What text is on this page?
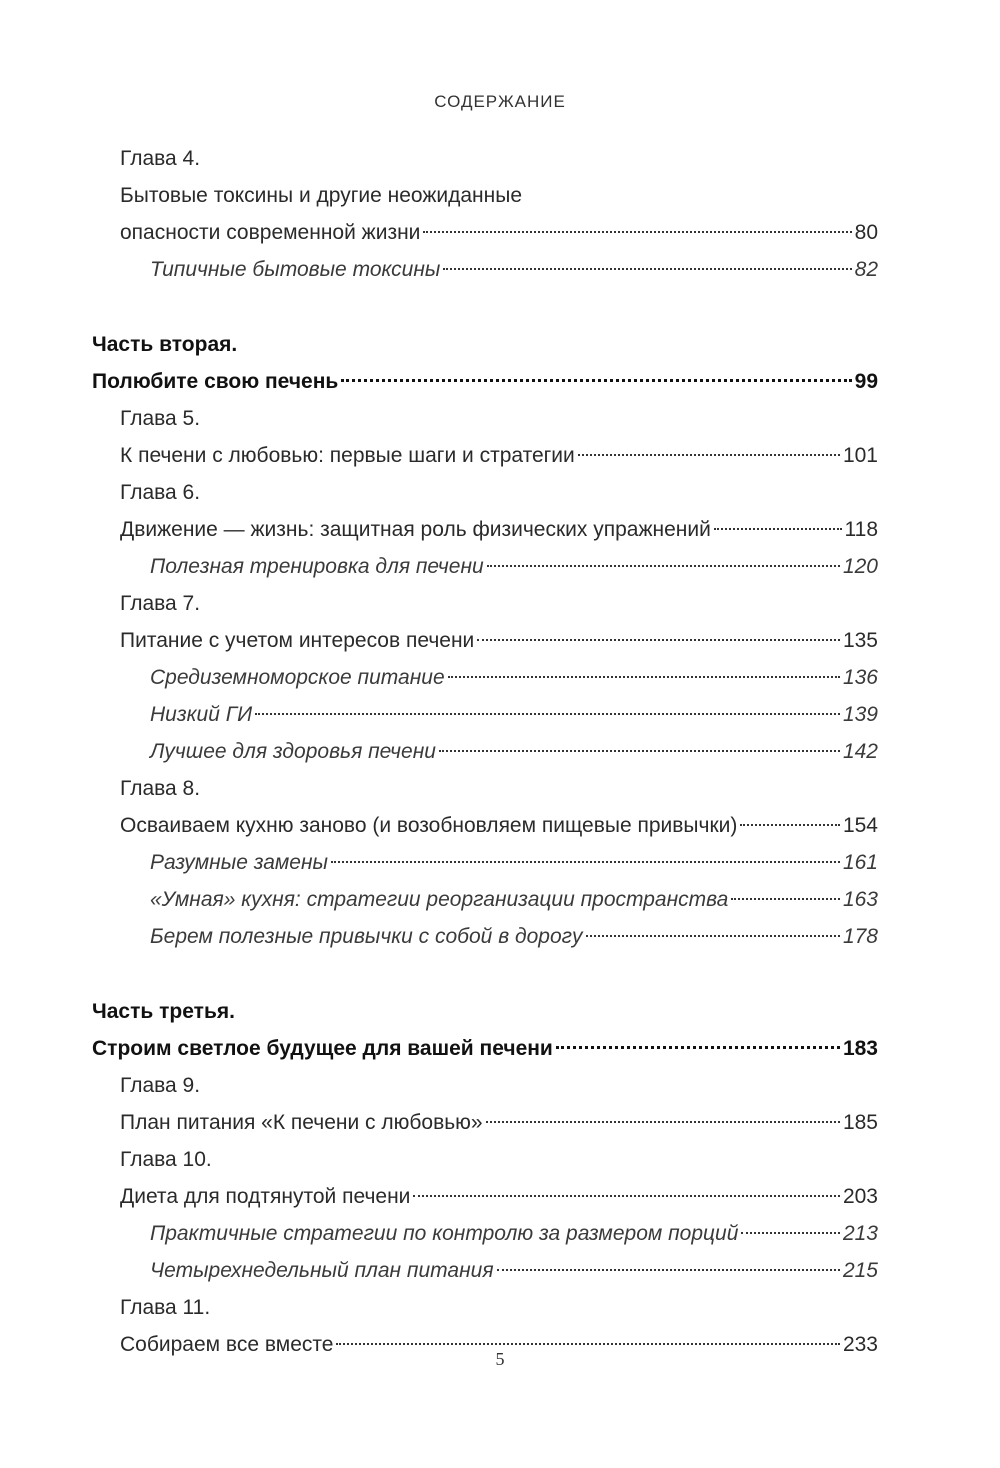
СОДЕРЖАНИЕ
Глава 4.
Бытовые токсины и другие неожиданные
опасности современной жизни	80
Типичные бытовые токсины	82
Часть вторая.
Полюбите свою печень	99
Глава 5.
К печени с любовью: первые шаги и стратегии	101
Глава 6.
Движение — жизнь: защитная роль физических упражнений	118
Полезная тренировка для печени	120
Глава 7.
Питание с учетом интересов печени	135
Средиземноморское питание	136
Низкий ГИ	139
Лучшее для здоровья печени	142
Глава 8.
Осваиваем кухню заново (и возобновляем пищевые привычки)	154
Разумные замены	161
«Умная» кухня: стратегии реорганизации пространства	163
Берем полезные привычки с собой в дорогу	178
Часть третья.
Строим светлое будущее для вашей печени	183
Глава 9.
План питания «К печени с любовью»	185
Глава 10.
Диета для подтянутой печени	203
Практичные стратегии по контролю за размером порций	213
Четырехнедельный план питания	215
Глава 11.
Собираем все вместе	233
5
